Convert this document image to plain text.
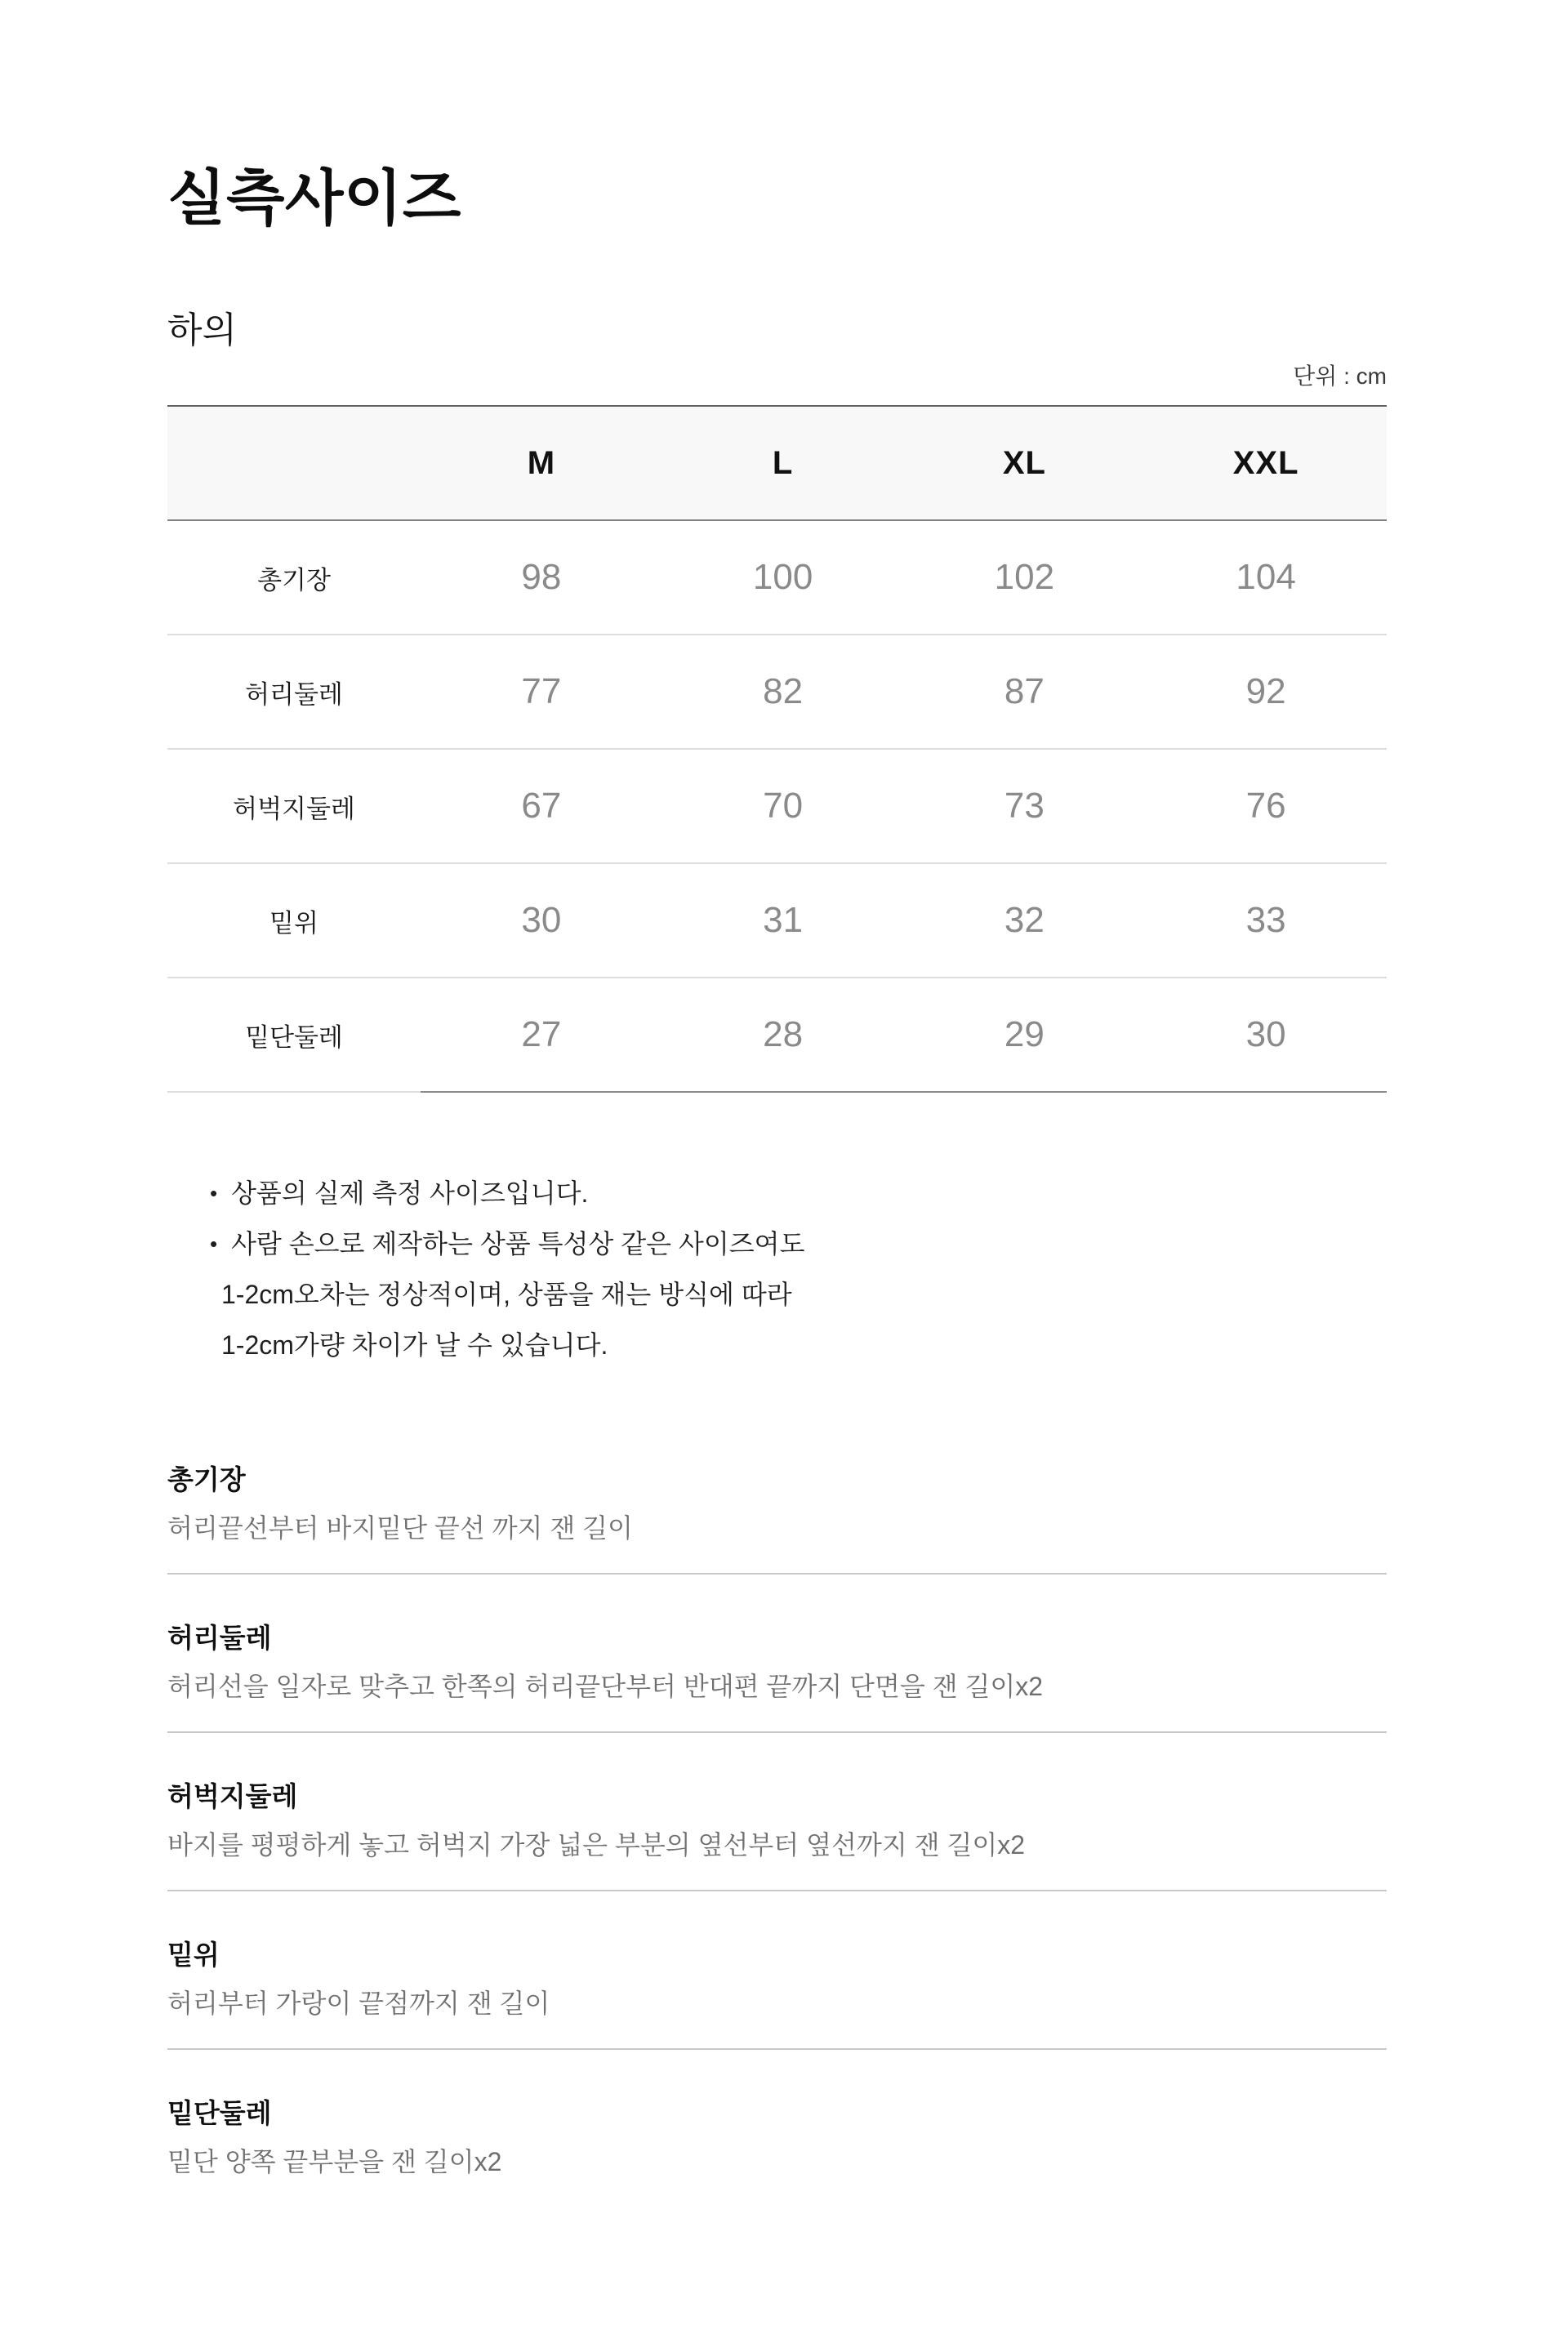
실측사이즈
하의
단위 : cm
M	L	XL	XXL
총기장	98	100	102	104
허리둘레	77	82	87	92
허벅지둘레	67	70	73	76
밑위	30	31	32	33
밑단둘레	27	28	29	30
• 상품의 실제 측정 사이즈입니다.
• 사람 손으로 제작하는 상품 특성상 같은 사이즈여도
1-2cm오차는 정상적이며, 상품을 재는 방식에 따라
1-2cm가량 차이가 날 수 있습니다.
총기장

허리끝선부터 바지밑단 끝선 까지 잰 길이

허리둘레

허리선을 일자로 맞추고 한쪽의 허리끝단부터 반대편 끝까지 단면을 잰 길이x2

허벅지둘레

바지를 평평하게 놓고 허벅지 가장 넓은 부분의 옆선부터 옆선까지 잰 길이x2

밑위

허리부터 가랑이 끝점까지 잰 길이

밑단둘레

밑단 양쪽 끝부분을 잰 길이x2
